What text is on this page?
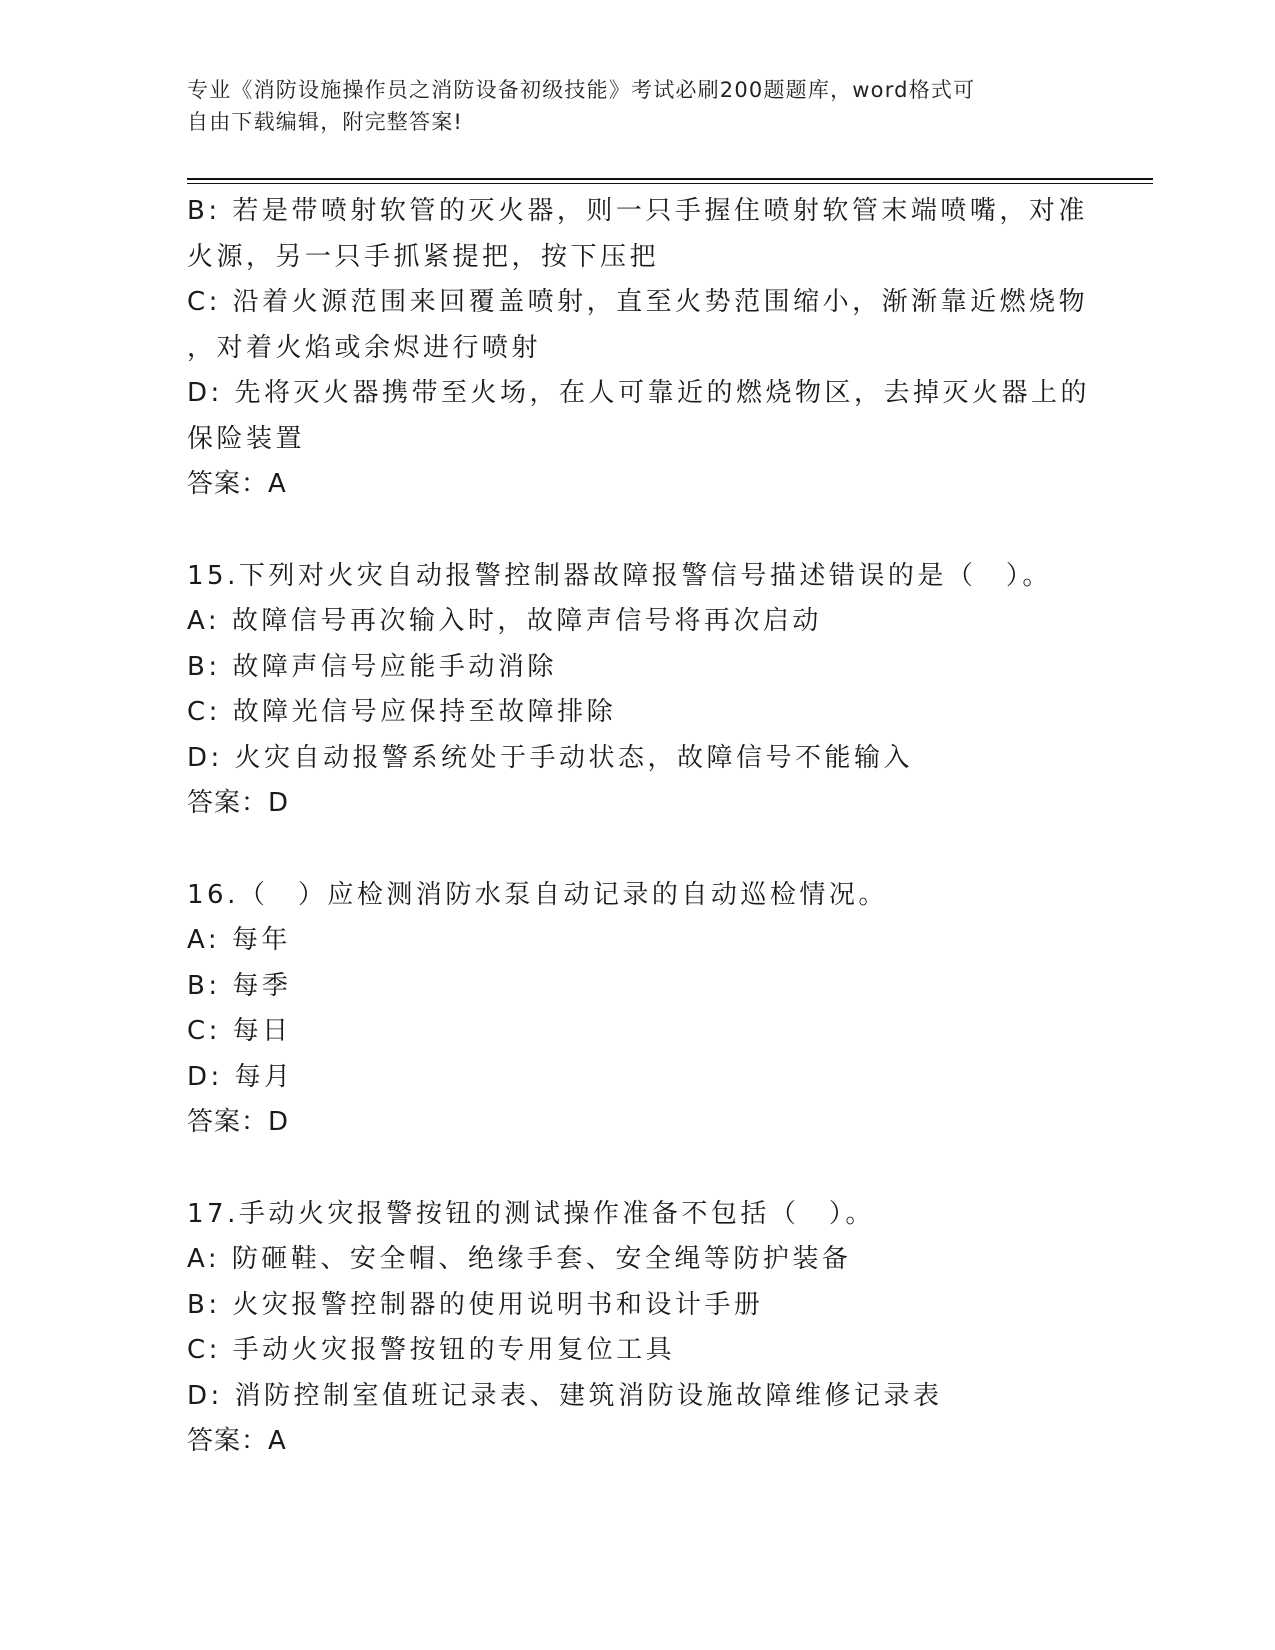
专业《消防设施操作员之消防设备初级技能》考试必刷200题题库，word格式可
自由下载编辑，附完整答案!
B: 若是带喷射软管的灭火器，则一只手握住喷射软管末端喷嘴，对准
火源，另一只手抓紧提把，按下压把
C: 沿着火源范围来回覆盖喷射，直至火势范围缩小，渐渐靠近燃烧物
，对着火焰或余烬进行喷射
D: 先将灭火器携带至火场，在人可靠近的燃烧物区，去掉灭火器上的
保险装置
答案：A
15.下列对火灾自动报警控制器故障报警信号描述错误的是（　）。
A: 故障信号再次输入时，故障声信号将再次启动
B: 故障声信号应能手动消除
C: 故障光信号应保持至故障排除
D: 火灾自动报警系统处于手动状态，故障信号不能输入
答案：D
16.（　）应检测消防水泵自动记录的自动巡检情况。
A: 每年
B: 每季
C: 每日
D: 每月
答案：D
17.手动火灾报警按钮的测试操作准备不包括（　）。
A: 防砸鞋、安全帽、绝缘手套、安全绳等防护装备
B: 火灾报警控制器的使用说明书和设计手册
C: 手动火灾报警按钮的专用复位工具
D: 消防控制室值班记录表、建筑消防设施故障维修记录表
答案：A
